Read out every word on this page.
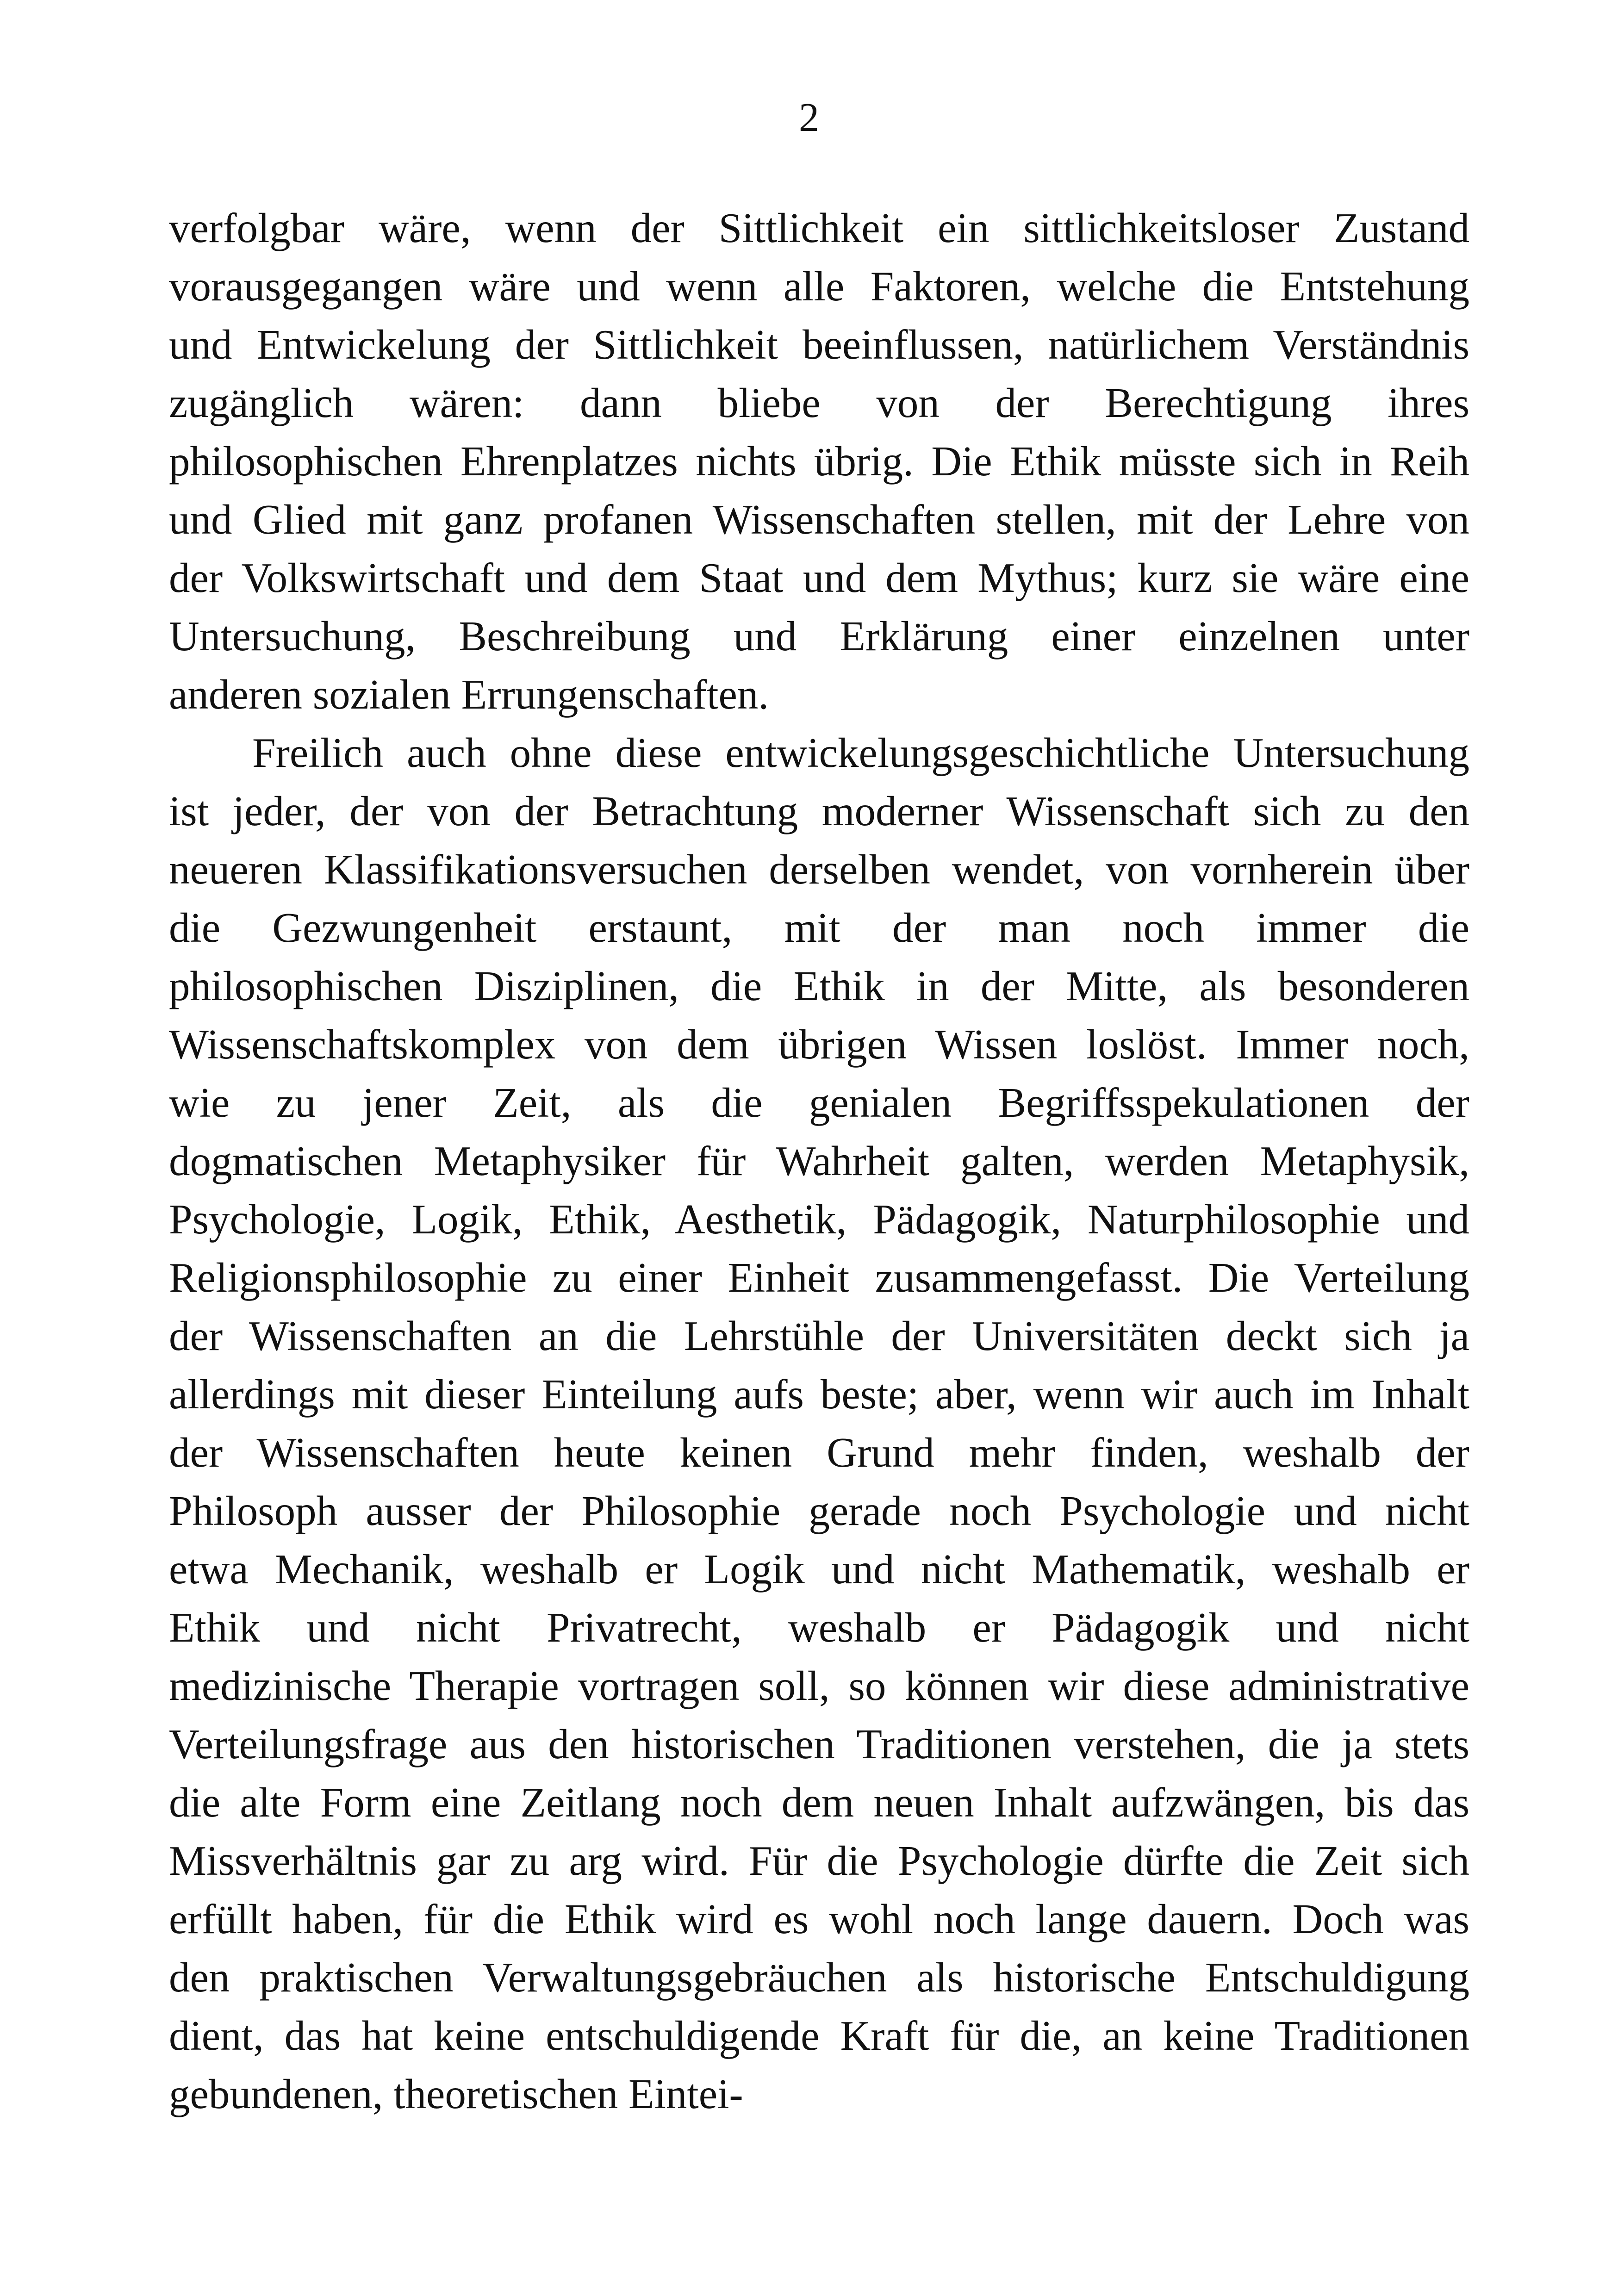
2
verfolgbar wäre, wenn der Sittlichkeit ein sittlichkeitsloser Zustand
vorausgegangen wäre und wenn alle Faktoren, welche die Entstehung
und Entwickelung der Sittlichkeit beeinflussen, natürlichem Verständnis
zugänglich wären: dann bliebe von der Berechtigung ihres
philosophischen Ehrenplatzes nichts übrig. Die Ethik müsste sich in Reih
und Glied mit ganz profanen Wissenschaften stellen, mit der Lehre von
der Volkswirtschaft und dem Staat und dem Mythus; kurz sie wäre eine
Untersuchung, Beschreibung und Erklärung einer einzelnen unter
anderen sozialen Errungenschaften.
Freilich auch ohne diese entwickelungsgeschichtliche Untersuchung
ist jeder, der von der Betrachtung moderner Wissenschaft sich zu den
neueren Klassifikationsversuchen derselben wendet, von vornherein über
die Gezwungenheit erstaunt, mit der man noch immer die
philosophischen Disziplinen, die Ethik in der Mitte, als besonderen
Wissenschaftskomplex von dem übrigen Wissen loslöst. Immer noch,
wie zu jener Zeit, als die genialen Begriffsspekulationen der
dogmatischen Metaphysiker für Wahrheit galten, werden Metaphysik,
Psychologie, Logik, Ethik, Aesthetik, Pädagogik, Naturphilosophie und
Religionsphilosophie zu einer Einheit zusammengefasst. Die Verteilung
der Wissenschaften an die Lehrstühle der Universitäten deckt sich ja
allerdings mit dieser Einteilung aufs beste; aber, wenn wir auch im Inhalt
der Wissenschaften heute keinen Grund mehr finden, weshalb der
Philosoph ausser der Philosophie gerade noch Psychologie und nicht
etwa Mechanik, weshalb er Logik und nicht Mathematik, weshalb er
Ethik und nicht Privatrecht, weshalb er Pädagogik und nicht
medizinische Therapie vortragen soll, so können wir diese administrative
Verteilungsfrage aus den historischen Traditionen verstehen, die ja stets
die alte Form eine Zeitlang noch dem neuen Inhalt aufzwängen, bis das
Missverhältnis gar zu arg wird. Für die Psychologie dürfte die Zeit sich
erfüllt haben, für die Ethik wird es wohl noch lange dauern. Doch was
den praktischen Verwaltungsgebräuchen als historische Entschuldigung
dient, das hat keine entschuldigende Kraft für die, an keine Traditionen
gebundenen, theoretischen Eintei-
